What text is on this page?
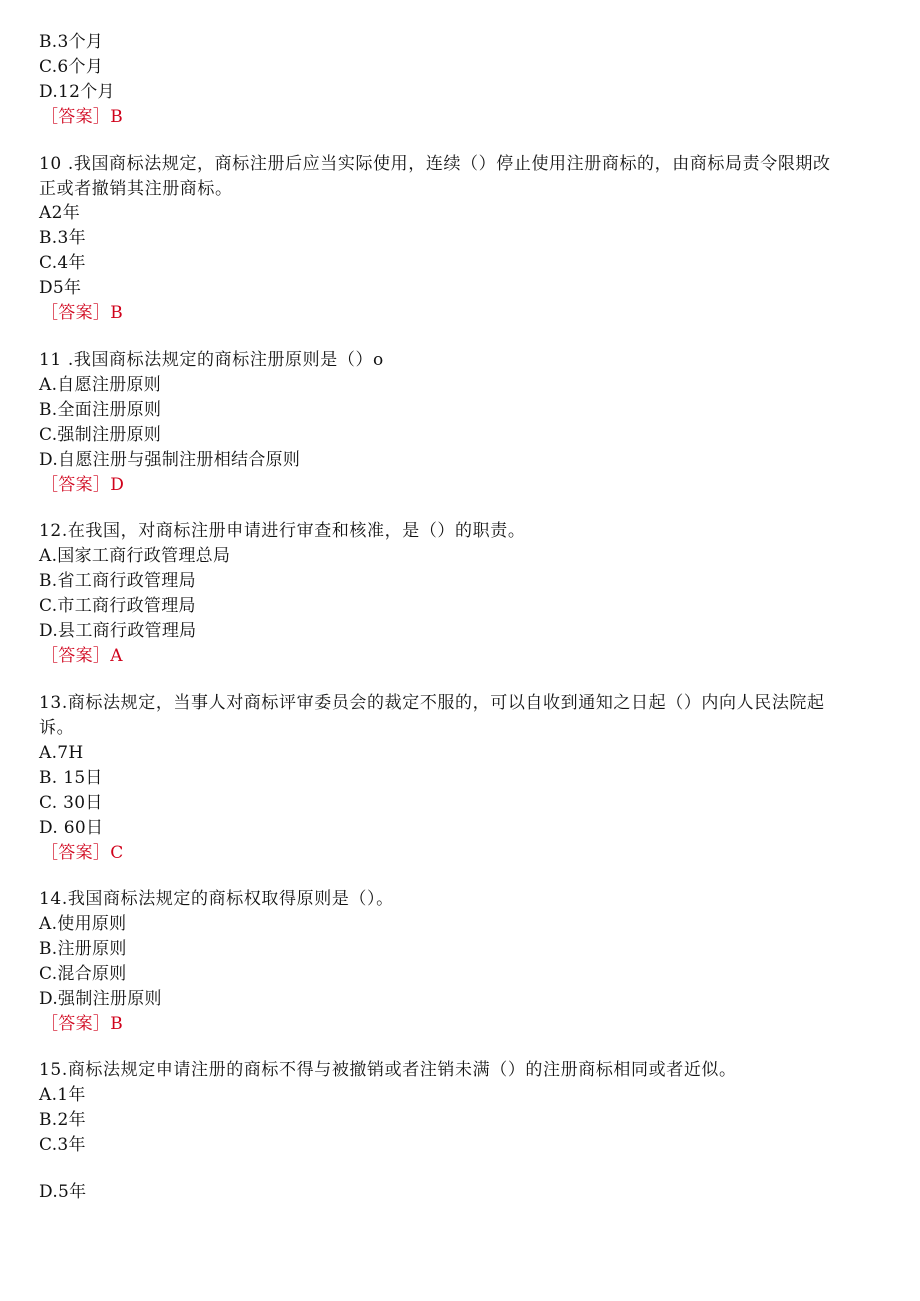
B.3个月
C.6个月
D.12个月
［答案］B
10 .我国商标法规定，商标注册后应当实际使用，连续（）停止使用注册商标的，由商标局责令限期改
正或者撤销其注册商标。
A2年
B.3年
C.4年
D5年
［答案］B
11 .我国商标法规定的商标注册原则是（）o
A.自愿注册原则
B.全面注册原则
C.强制注册原则
D.自愿注册与强制注册相结合原则
［答案］D
12.在我国，对商标注册申请进行审查和核准，是（）的职责。
A.国家工商行政管理总局
B.省工商行政管理局
C.市工商行政管理局
D.县工商行政管理局
［答案］A
13.商标法规定，当事人对商标评审委员会的裁定不服的，可以自收到通知之日起（）内向人民法院起
诉。
A.7H
B. 15日
C. 30日
D. 60日
［答案］C
14.我国商标法规定的商标权取得原则是（）。
A.使用原则
B.注册原则
C.混合原则
D.强制注册原则
［答案］B
15.商标法规定申请注册的商标不得与被撤销或者注销未满（）的注册商标相同或者近似。
A.1年
B.2年
C.3年
D.5年
